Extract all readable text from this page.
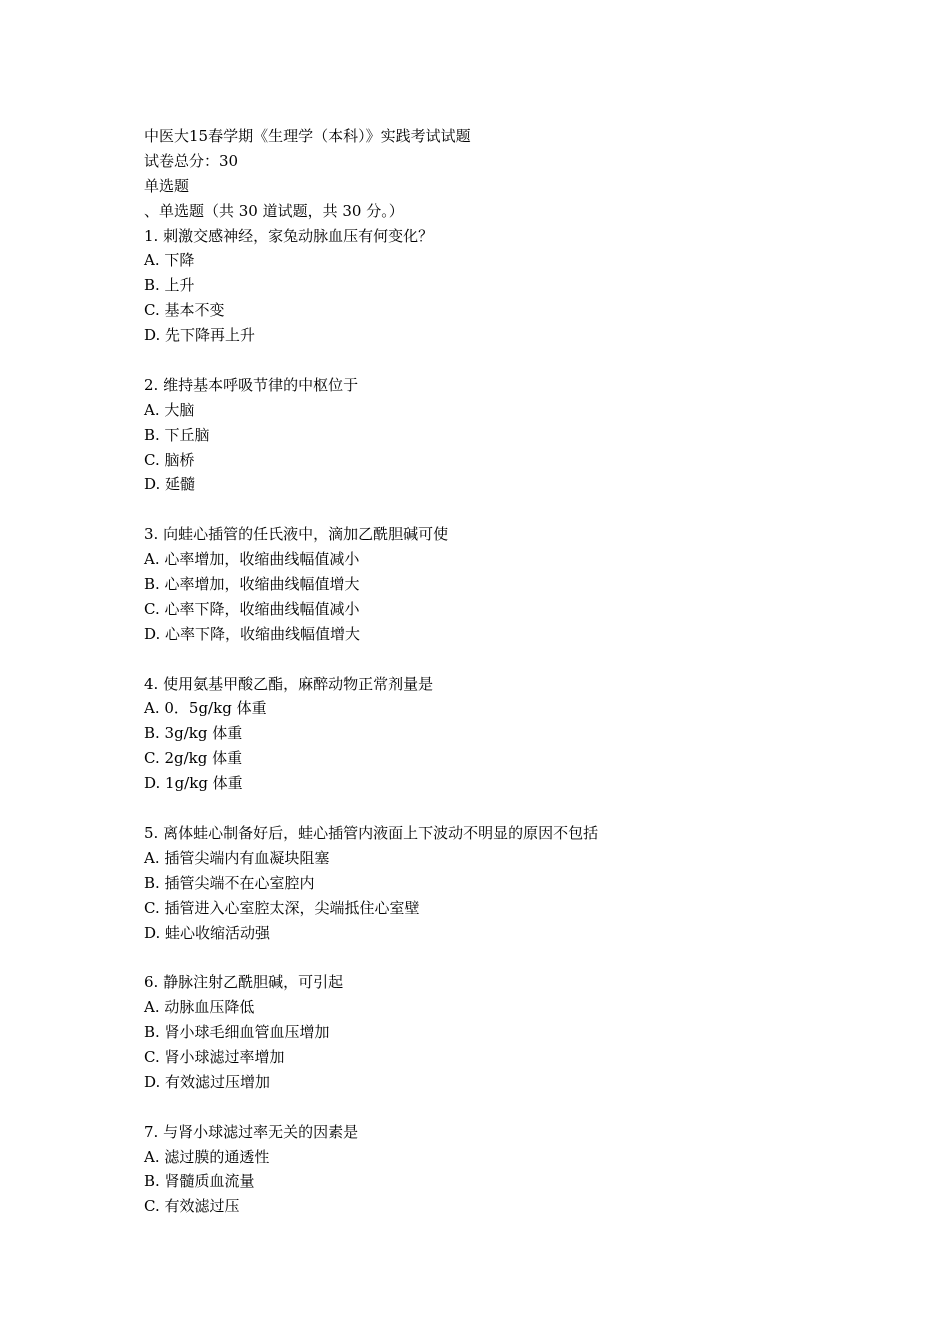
中医大15春学期《生理学（本科）》实践考试试题
试卷总分：30
单选题
、单选题（共 30 道试题，共 30 分。）
1. 刺激交感神经，家兔动脉血压有何变化？
A. 下降
B. 上升
C. 基本不变
D. 先下降再上升
2. 维持基本呼吸节律的中枢位于
A. 大脑
B. 下丘脑
C. 脑桥
D. 延髓
3. 向蛙心插管的任氏液中，滴加乙酰胆碱可使
A. 心率增加，收缩曲线幅值减小
B. 心率增加，收缩曲线幅值增大
C. 心率下降，收缩曲线幅值减小
D. 心率下降，收缩曲线幅值增大
4. 使用氨基甲酸乙酯，麻醉动物正常剂量是
A. 0．5g/kg 体重
B. 3g/kg 体重
C. 2g/kg 体重
D. 1g/kg 体重
5. 离体蛙心制备好后，蛙心插管内液面上下波动不明显的原因不包括
A. 插管尖端内有血凝块阻塞
B. 插管尖端不在心室腔内
C. 插管进入心室腔太深，尖端抵住心室壁
D. 蛙心收缩活动强
6. 静脉注射乙酰胆碱，可引起
A. 动脉血压降低
B. 肾小球毛细血管血压增加
C. 肾小球滤过率增加
D. 有效滤过压增加
7. 与肾小球滤过率无关的因素是
A. 滤过膜的通透性
B. 肾髓质血流量
C. 有效滤过压
